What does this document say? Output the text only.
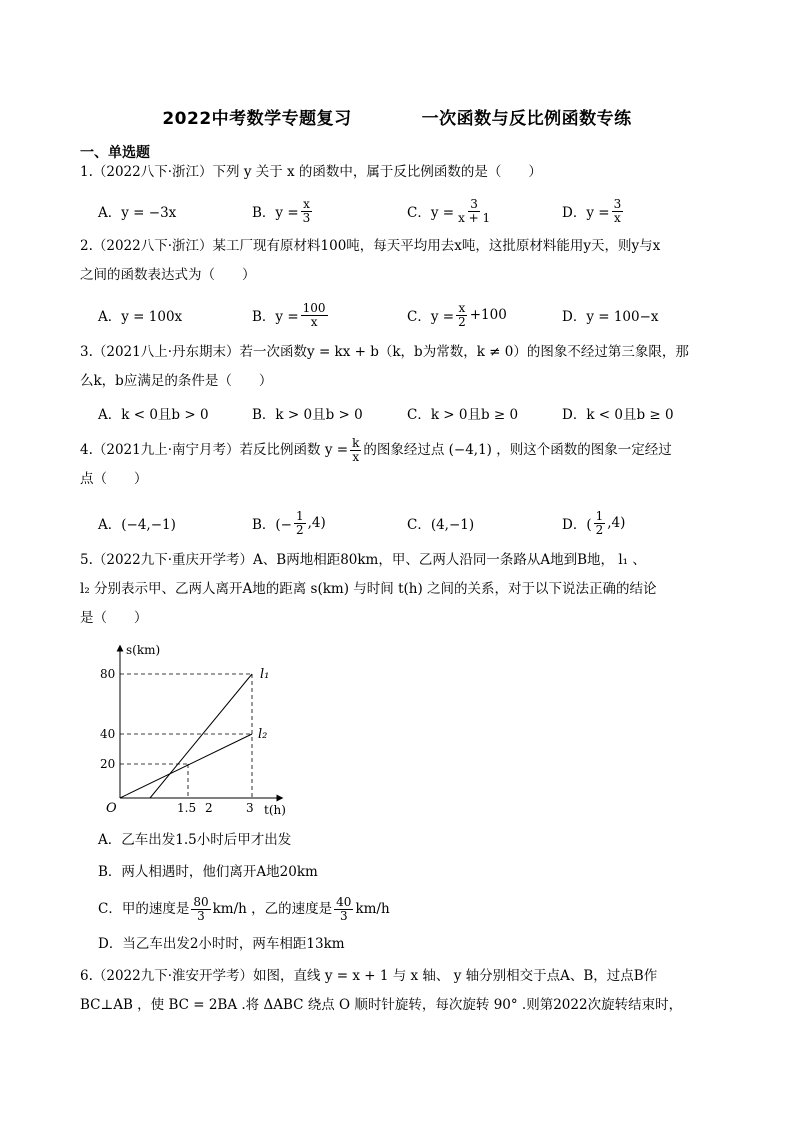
2022中考数学专题复习	一次函数与反比例函数专练
一、单选题
1.（2022八下·浙江）下列 y 关于 x 的函数中，属于反比例函数的是（　　）
A．y = −3x	B．$y = \frac{x}{3}$	C．$y = \frac{3}{x + 1}$	D．$y = \frac{3}{x}$
2.（2022八下·浙江）某工厂现有原材料100吨，每天平均用去x吨，这批原材料能用y天，则y与x
之间的函数表达式为（　　）
A．y = 100x	B．$y = \frac{100}{x}$	C．$y = \frac{x}{2} +100$	D．y = 100−x
3.（2021八上·丹东期末）若一次函数y = kx + b（k，b为常数，k ≠ 0）的图象不经过第三象限，那
么k，b应满足的条件是（　　）
A．k < 0且b > 0	B．k > 0且b > 0	C．k > 0且b ≥ 0	D．k < 0且b ≥ 0
4.（2021九上·南宁月考）若反比例函数 $y = \frac{k}{x}$ 的图象经过点 (−4,1) ，则这个函数的图象一定经过
点（　　）
A．(−4,−1)	B．(− $\frac{1}{2} ,4$)	C．(4,−1)	D．( $\frac{1}{2} ,4$)
5.（2022九下·重庆开学考）A、B两地相距80km，甲、乙两人沿同一条路从A地到B地， l₁ 、
l₂ 分别表示甲、乙两人离开A地的距离 s(km) 与时间 t(h) 之间的关系，对于以下说法正确的结论
是（　　）
s(km)
O	t(h)
80
40
20
1.5 2	3
l₁
l₂
A．乙车出发1.5小时后甲才出发
B．两人相遇时，他们离开A地20km
C．甲的速度是 $\frac{80}{3} km/h$ ，乙的速度是 $\frac{40}{3} km/h$
D．当乙车出发2小时时，两车相距13km
6.（2022九下·淮安开学考）如图，直线 y = x + 1 与 x 轴、 y 轴分别相交于点A、B，过点B作
BC⊥AB ，使 BC = 2BA .将 ΔABC 绕点 O 顺时针旋转，每次旋转 90° .则第2022次旋转结束时，
